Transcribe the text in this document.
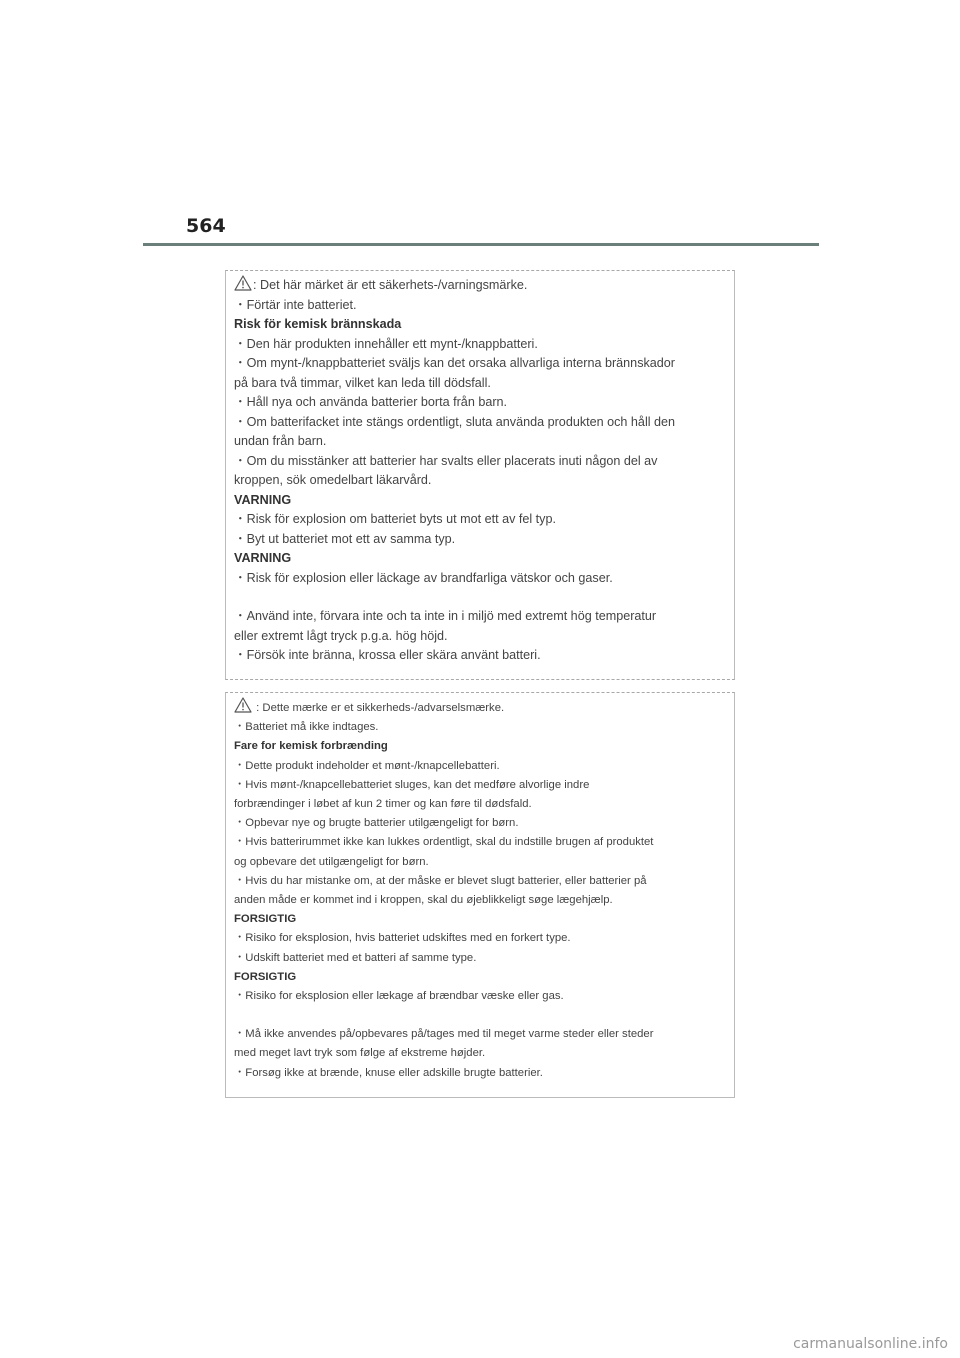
564
: Det här märket är ett säkerhets-/varningsmärke.
・Förtär inte batteriet.
Risk för kemisk brännskada
・Den här produkten innehåller ett mynt-/knappbatteri.
・Om mynt-/knappbatteriet sväljs kan det orsaka allvarliga interna brännskador
på bara två timmar, vilket kan leda till dödsfall.
・Håll nya och använda batterier borta från barn.
・Om batterifacket inte stängs ordentligt, sluta använda produkten och håll den
undan från barn.
・Om du misstänker att batterier har svalts eller placerats inuti någon del av
kroppen, sök omedelbart läkarvård.
VARNING
・Risk för explosion om batteriet byts ut mot ett av fel typ.
・Byt ut batteriet mot ett av samma typ.
VARNING
・Risk för explosion eller läckage av brandfarliga vätskor och gaser.
・Använd inte, förvara inte och ta inte in i miljö med extremt hög temperatur
eller extremt lågt tryck p.g.a. hög höjd.
・Försök inte bränna, krossa eller skära använt batteri.
: Dette mærke er et sikkerheds-/advarselsmærke.
・Batteriet må ikke indtages.
Fare for kemisk forbrænding
・Dette produkt indeholder et mønt-/knapcellebatteri.
・Hvis mønt-/knapcellebatteriet sluges, kan det medføre alvorlige indre
forbrændinger i løbet af kun 2 timer og kan føre til dødsfald.
・Opbevar nye og brugte batterier utilgængeligt for børn.
・Hvis batterirummet ikke kan lukkes ordentligt, skal du indstille brugen af produktet
og opbevare det utilgængeligt for børn.
・Hvis du har mistanke om, at der måske er blevet slugt batterier, eller batterier på
anden måde er kommet ind i kroppen, skal du øjeblikkeligt søge lægehjælp.
FORSIGTIG
・Risiko for eksplosion, hvis batteriet udskiftes med en forkert type.
・Udskift batteriet med et batteri af samme type.
FORSIGTIG
・Risiko for eksplosion eller lækage af brændbar væske eller gas.
・Må ikke anvendes på/opbevares på/tages med til meget varme steder eller steder
med meget lavt tryk som følge af ekstreme højder.
・Forsøg ikke at brænde, knuse eller adskille brugte batterier.
carmanualsonline.info
